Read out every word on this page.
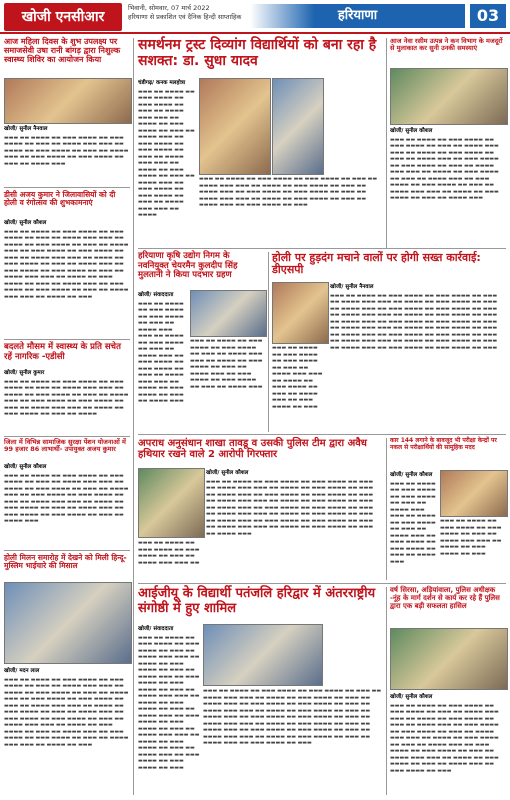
खोजी एनसीआर
भिवानी, सोमवार, 07 मार्च 2022
हरियाणा से प्रकाशित एवं दैनिक हिन्दी साप्ताहिक	हरियाणा	03
आज महिला दिवस के शुभ उपलक्ष्य पर समाजसेवी उषा रानी बांगड़ द्वारा निशुल्क स्वास्थ्य शिविर का आयोजन किया
खोजी/ सुनील नैनवाल
▬▬▬ ▬▬ ▬▬▬▬ ▬▬ ▬▬▬ ▬▬▬▬ ▬▬ ▬▬▬ ▬▬▬▬ ▬▬ ▬▬▬ ▬▬ ▬▬▬▬ ▬▬▬ ▬▬▬ ▬▬ ▬▬▬▬ ▬▬ ▬▬▬ ▬▬▬▬ ▬▬ ▬▬▬ ▬▬ ▬▬▬▬ ▬▬▬ ▬▬ ▬▬▬ ▬▬▬▬ ▬▬ ▬▬▬ ▬▬▬▬ ▬▬ ▬▬▬ ▬▬ ▬▬▬▬ ▬▬▬
डीसी अजय कुमार ने जिलावासियों को दी होली व रंगोत्सव की शुभकामनाएं
खोजी/ सुनील कौशल
▬▬▬ ▬▬ ▬▬▬▬ ▬▬ ▬▬▬ ▬▬▬▬ ▬▬ ▬▬▬ ▬▬▬▬ ▬▬ ▬▬▬ ▬▬ ▬▬▬▬ ▬▬▬ ▬▬▬ ▬▬ ▬▬▬▬ ▬▬ ▬▬▬ ▬▬▬▬ ▬▬ ▬▬▬ ▬▬ ▬▬▬▬ ▬▬▬ ▬▬ ▬▬▬ ▬▬▬▬ ▬▬ ▬▬▬ ▬▬▬▬ ▬▬ ▬▬▬ ▬▬ ▬▬▬▬ ▬▬▬ ▬▬▬ ▬▬ ▬▬▬▬ ▬▬ ▬▬▬ ▬▬▬▬ ▬▬ ▬▬▬ ▬▬ ▬▬▬▬ ▬▬▬ ▬▬ ▬▬▬ ▬▬▬▬ ▬▬ ▬▬▬ ▬▬▬▬ ▬▬ ▬▬▬ ▬▬ ▬▬▬▬ ▬▬▬ ▬▬▬ ▬▬ ▬▬▬▬ ▬▬ ▬▬▬ ▬▬▬▬ ▬▬ ▬▬▬ ▬▬ ▬▬▬▬ ▬▬▬ ▬▬ ▬▬▬ ▬▬▬▬ ▬▬ ▬▬▬ ▬▬▬▬ ▬▬ ▬▬▬ ▬▬ ▬▬▬▬ ▬▬▬ ▬▬▬ ▬▬ ▬▬▬▬ ▬▬ ▬▬▬
बदलते मौसम में स्वास्थ्य के प्रति सचेत रहें नागरिक -एडीसी
खोजी/ सुनील कुमार
▬▬▬ ▬▬ ▬▬▬▬ ▬▬ ▬▬▬ ▬▬▬▬ ▬▬ ▬▬▬ ▬▬▬▬ ▬▬ ▬▬▬ ▬▬ ▬▬▬▬ ▬▬▬ ▬▬▬ ▬▬ ▬▬▬▬ ▬▬ ▬▬▬ ▬▬▬▬ ▬▬ ▬▬▬ ▬▬ ▬▬▬▬ ▬▬▬ ▬▬ ▬▬▬ ▬▬▬▬ ▬▬ ▬▬▬ ▬▬▬▬ ▬▬ ▬▬▬ ▬▬ ▬▬▬▬ ▬▬▬ ▬▬▬ ▬▬ ▬▬▬▬ ▬▬ ▬▬▬ ▬▬▬▬ ▬▬ ▬▬▬ ▬▬ ▬▬▬▬
जिला में विभिन्न सामाजिक सुरक्षा पेंशन योजनाओं में 99 हजार 86 लाभार्थी- उपायुक्त अजय कुमार
खोजी/ सुनील कौशल
▬▬▬ ▬▬ ▬▬▬▬ ▬▬ ▬▬▬ ▬▬▬▬ ▬▬ ▬▬▬ ▬▬▬▬ ▬▬ ▬▬▬ ▬▬ ▬▬▬▬ ▬▬▬ ▬▬▬ ▬▬ ▬▬▬▬ ▬▬ ▬▬▬ ▬▬▬▬ ▬▬ ▬▬▬ ▬▬ ▬▬▬▬ ▬▬▬ ▬▬ ▬▬▬ ▬▬▬▬ ▬▬ ▬▬▬ ▬▬▬▬ ▬▬ ▬▬▬ ▬▬ ▬▬▬▬ ▬▬▬ ▬▬▬ ▬▬ ▬▬▬▬ ▬▬ ▬▬▬ ▬▬▬▬ ▬▬ ▬▬▬ ▬▬ ▬▬▬▬ ▬▬▬ ▬▬ ▬▬▬ ▬▬▬▬ ▬▬ ▬▬▬ ▬▬▬▬ ▬▬ ▬▬▬ ▬▬ ▬▬▬▬ ▬▬▬
होली मिलन समारोह में देखने को मिली हिन्दू- मुस्लिम भाईचारे की मिसाल
खोजी/ मदन लाल
▬▬▬ ▬▬ ▬▬▬▬ ▬▬ ▬▬▬ ▬▬▬▬ ▬▬ ▬▬▬ ▬▬▬▬ ▬▬ ▬▬▬ ▬▬ ▬▬▬▬ ▬▬▬ ▬▬▬ ▬▬ ▬▬▬▬ ▬▬ ▬▬▬ ▬▬▬▬ ▬▬ ▬▬▬ ▬▬ ▬▬▬▬ ▬▬▬ ▬▬ ▬▬▬ ▬▬▬▬ ▬▬ ▬▬▬ ▬▬▬▬ ▬▬ ▬▬▬ ▬▬ ▬▬▬▬ ▬▬▬ ▬▬▬ ▬▬ ▬▬▬▬ ▬▬ ▬▬▬ ▬▬▬▬ ▬▬ ▬▬▬ ▬▬ ▬▬▬▬ ▬▬▬ ▬▬ ▬▬▬ ▬▬▬▬ ▬▬ ▬▬▬ ▬▬▬▬ ▬▬ ▬▬▬ ▬▬ ▬▬▬▬ ▬▬▬ ▬▬▬ ▬▬ ▬▬▬▬ ▬▬ ▬▬▬ ▬▬▬▬ ▬▬ ▬▬▬ ▬▬ ▬▬▬▬ ▬▬▬ ▬▬ ▬▬▬ ▬▬▬▬ ▬▬ ▬▬▬ ▬▬▬▬ ▬▬ ▬▬▬ ▬▬ ▬▬▬▬ ▬▬▬ ▬▬▬ ▬▬ ▬▬▬▬ ▬▬ ▬▬▬
समर्थनम ट्रस्ट दिव्यांग विद्यार्थियों को बना रहा है सशक्त: डा. सुधा यादव
चंडीगढ़/ कनक मलहोत्रा
▬▬▬ ▬▬ ▬▬▬▬ ▬▬ ▬▬▬ ▬▬▬▬ ▬▬ ▬▬▬ ▬▬▬▬ ▬▬ ▬▬▬ ▬▬ ▬▬▬▬ ▬▬▬ ▬▬▬ ▬▬ ▬▬▬▬ ▬▬ ▬▬▬ ▬▬▬▬ ▬▬ ▬▬▬ ▬▬ ▬▬▬▬ ▬▬▬ ▬▬ ▬▬▬ ▬▬▬▬ ▬▬ ▬▬▬ ▬▬▬▬ ▬▬ ▬▬▬ ▬▬ ▬▬▬▬ ▬▬▬ ▬▬▬ ▬▬ ▬▬▬▬ ▬▬ ▬▬▬ ▬▬▬▬ ▬▬ ▬▬▬ ▬▬ ▬▬▬▬ ▬▬▬ ▬▬ ▬▬▬ ▬▬▬▬ ▬▬ ▬▬▬ ▬▬▬▬ ▬▬ ▬▬▬ ▬▬ ▬▬▬▬ ▬▬▬ ▬▬▬ ▬▬ ▬▬▬▬
▬▬▬ ▬▬ ▬▬▬▬ ▬▬ ▬▬▬ ▬▬▬▬ ▬▬ ▬▬▬ ▬▬▬▬ ▬▬ ▬▬▬ ▬▬ ▬▬▬▬ ▬▬▬ ▬▬▬ ▬▬ ▬▬▬▬ ▬▬ ▬▬▬ ▬▬▬▬ ▬▬ ▬▬▬ ▬▬ ▬▬▬▬ ▬▬▬ ▬▬ ▬▬▬ ▬▬▬▬ ▬▬ ▬▬▬ ▬▬▬▬ ▬▬ ▬▬▬ ▬▬ ▬▬▬▬ ▬▬▬ ▬▬▬ ▬▬ ▬▬▬▬ ▬▬ ▬▬▬ ▬▬▬▬ ▬▬ ▬▬▬ ▬▬ ▬▬▬▬ ▬▬▬ ▬▬ ▬▬▬ ▬▬▬▬ ▬▬ ▬▬▬
आज नेवा रसीम उत्पन्न ने कन विभाग के मजदूरों से मुलाकात कर सुनी उनकी समस्याएं
खोजी/ सुनील कौशल
▬▬▬ ▬▬ ▬▬▬▬ ▬▬ ▬▬▬ ▬▬▬▬ ▬▬ ▬▬▬ ▬▬▬▬ ▬▬ ▬▬▬ ▬▬ ▬▬▬▬ ▬▬▬ ▬▬▬ ▬▬ ▬▬▬▬ ▬▬ ▬▬▬ ▬▬▬▬ ▬▬ ▬▬▬ ▬▬ ▬▬▬▬ ▬▬▬ ▬▬ ▬▬▬ ▬▬▬▬ ▬▬ ▬▬▬ ▬▬▬▬ ▬▬ ▬▬▬ ▬▬ ▬▬▬▬ ▬▬▬ ▬▬▬ ▬▬ ▬▬▬▬ ▬▬ ▬▬▬ ▬▬▬▬ ▬▬ ▬▬▬ ▬▬ ▬▬▬▬ ▬▬▬ ▬▬ ▬▬▬ ▬▬▬▬ ▬▬ ▬▬▬ ▬▬▬▬ ▬▬ ▬▬▬ ▬▬ ▬▬▬▬ ▬▬▬ ▬▬▬ ▬▬ ▬▬▬▬ ▬▬ ▬▬▬ ▬▬▬▬ ▬▬ ▬▬▬ ▬▬ ▬▬▬▬ ▬▬▬
हरियाणा कृषि उद्योग निगम के नवनियुक्त चेयरमैन कुलदीप सिंह मुलतानी ने किया पदभार ग्रहण
खोजी/ संवाददाता
▬▬▬ ▬▬ ▬▬▬▬ ▬▬ ▬▬▬ ▬▬▬▬ ▬▬ ▬▬▬ ▬▬▬▬ ▬▬ ▬▬▬ ▬▬ ▬▬▬▬ ▬▬▬ ▬▬▬ ▬▬ ▬▬▬▬ ▬▬ ▬▬▬ ▬▬▬▬ ▬▬ ▬▬▬ ▬▬ ▬▬▬▬ ▬▬▬ ▬▬ ▬▬▬ ▬▬▬▬ ▬▬ ▬▬▬ ▬▬▬▬ ▬▬ ▬▬▬ ▬▬ ▬▬▬▬ ▬▬▬ ▬▬▬ ▬▬ ▬▬▬▬ ▬▬ ▬▬▬ ▬▬▬▬ ▬▬ ▬▬▬ ▬▬ ▬▬▬▬ ▬▬▬
▬▬▬ ▬▬ ▬▬▬▬ ▬▬ ▬▬▬ ▬▬▬▬ ▬▬ ▬▬▬ ▬▬▬▬ ▬▬ ▬▬▬ ▬▬ ▬▬▬▬ ▬▬▬ ▬▬▬ ▬▬ ▬▬▬▬ ▬▬ ▬▬▬ ▬▬▬▬ ▬▬ ▬▬▬ ▬▬ ▬▬▬▬ ▬▬▬ ▬▬ ▬▬▬ ▬▬▬▬ ▬▬ ▬▬▬ ▬▬▬▬ ▬▬ ▬▬▬ ▬▬ ▬▬▬▬ ▬▬▬
होली पर हुड़दंग मचाने वालों पर होगी सख्त कार्रवाई: डीएसपी
खोजी/ सुनील नैनवाल
▬▬▬ ▬▬ ▬▬▬▬ ▬▬ ▬▬▬ ▬▬▬▬ ▬▬ ▬▬▬ ▬▬▬▬ ▬▬ ▬▬▬ ▬▬ ▬▬▬▬ ▬▬▬ ▬▬▬ ▬▬ ▬▬▬▬ ▬▬ ▬▬▬ ▬▬▬▬ ▬▬ ▬▬▬ ▬▬ ▬▬▬▬ ▬▬▬ ▬▬ ▬▬▬ ▬▬▬▬ ▬▬ ▬▬▬ ▬▬▬▬ ▬▬ ▬▬▬ ▬▬ ▬▬▬▬ ▬▬▬ ▬▬▬ ▬▬ ▬▬▬▬ ▬▬ ▬▬▬ ▬▬▬▬ ▬▬ ▬▬▬ ▬▬ ▬▬▬▬ ▬▬▬ ▬▬ ▬▬▬ ▬▬▬▬ ▬▬ ▬▬▬ ▬▬▬▬ ▬▬ ▬▬▬ ▬▬ ▬▬▬▬ ▬▬▬ ▬▬▬ ▬▬ ▬▬▬▬ ▬▬ ▬▬▬ ▬▬▬▬ ▬▬ ▬▬▬ ▬▬ ▬▬▬▬ ▬▬▬ ▬▬ ▬▬▬ ▬▬▬▬ ▬▬ ▬▬▬ ▬▬▬▬ ▬▬ ▬▬▬ ▬▬ ▬▬▬▬ ▬▬▬ ▬▬▬ ▬▬ ▬▬▬▬ ▬▬ ▬▬▬ ▬▬▬▬ ▬▬ ▬▬▬ ▬▬ ▬▬▬▬ ▬▬▬ ▬▬ ▬▬▬ ▬▬▬▬ ▬▬ ▬▬▬ ▬▬▬▬ ▬▬ ▬▬▬
▬▬▬ ▬▬ ▬▬▬▬ ▬▬ ▬▬▬ ▬▬▬▬ ▬▬ ▬▬▬ ▬▬▬▬ ▬▬ ▬▬▬ ▬▬ ▬▬▬▬ ▬▬▬ ▬▬▬ ▬▬ ▬▬▬▬ ▬▬ ▬▬▬ ▬▬▬▬ ▬▬ ▬▬▬ ▬▬ ▬▬▬▬ ▬▬▬ ▬▬ ▬▬▬ ▬▬▬▬ ▬▬ ▬▬▬
अपराध अनुसंधान शाखा तावडू व उसकी पुलिस टीम द्वारा अवैध हथियार रखने वाले 2 आरोपी गिरफ्तार
खोजी/ सुनील कौशल
▬▬▬ ▬▬ ▬▬▬▬ ▬▬ ▬▬▬ ▬▬▬▬ ▬▬ ▬▬▬ ▬▬▬▬ ▬▬ ▬▬▬ ▬▬ ▬▬▬▬ ▬▬▬ ▬▬▬ ▬▬ ▬▬▬▬ ▬▬ ▬▬▬ ▬▬▬▬ ▬▬ ▬▬▬ ▬▬ ▬▬▬▬ ▬▬▬ ▬▬ ▬▬▬ ▬▬▬▬ ▬▬ ▬▬▬ ▬▬▬▬ ▬▬ ▬▬▬ ▬▬ ▬▬▬▬ ▬▬▬ ▬▬▬ ▬▬ ▬▬▬▬ ▬▬ ▬▬▬ ▬▬▬▬ ▬▬ ▬▬▬ ▬▬ ▬▬▬▬ ▬▬▬ ▬▬ ▬▬▬ ▬▬▬▬ ▬▬ ▬▬▬ ▬▬▬▬ ▬▬ ▬▬▬ ▬▬ ▬▬▬▬ ▬▬▬ ▬▬▬ ▬▬ ▬▬▬▬ ▬▬ ▬▬▬ ▬▬▬▬ ▬▬ ▬▬▬ ▬▬ ▬▬▬▬ ▬▬▬ ▬▬ ▬▬▬ ▬▬▬▬ ▬▬ ▬▬▬ ▬▬▬▬ ▬▬ ▬▬▬ ▬▬ ▬▬▬▬ ▬▬▬ ▬▬▬ ▬▬ ▬▬▬▬ ▬▬ ▬▬▬ ▬▬▬▬ ▬▬ ▬▬▬ ▬▬ ▬▬▬▬ ▬▬▬
▬▬▬ ▬▬ ▬▬▬▬ ▬▬ ▬▬▬ ▬▬▬▬ ▬▬ ▬▬▬ ▬▬▬▬ ▬▬ ▬▬▬ ▬▬ ▬▬▬▬ ▬▬▬ ▬▬▬ ▬▬
कार 144 लगाने के बावजूद भी परीक्षा केन्द्रों पर नकल से परीक्षार्थियों की सामूहिक मदद
खोजी/ सुनील कौशल
▬▬▬ ▬▬ ▬▬▬▬ ▬▬ ▬▬▬ ▬▬▬▬ ▬▬ ▬▬▬ ▬▬▬▬ ▬▬ ▬▬▬ ▬▬ ▬▬▬▬ ▬▬▬ ▬▬▬ ▬▬ ▬▬▬▬ ▬▬ ▬▬▬ ▬▬▬▬ ▬▬ ▬▬▬ ▬▬ ▬▬▬▬ ▬▬▬ ▬▬ ▬▬▬ ▬▬▬▬ ▬▬ ▬▬▬ ▬▬▬▬ ▬▬ ▬▬▬ ▬▬ ▬▬▬▬ ▬▬▬
▬▬▬ ▬▬ ▬▬▬▬ ▬▬ ▬▬▬ ▬▬▬▬ ▬▬ ▬▬▬ ▬▬▬▬ ▬▬ ▬▬▬ ▬▬ ▬▬▬▬ ▬▬▬ ▬▬▬ ▬▬ ▬▬▬▬ ▬▬ ▬▬▬ ▬▬▬▬ ▬▬ ▬▬▬
आईजीयू के विद्यार्थी पतंजलि हरिद्वार में अंतरराष्ट्रीय संगोष्ठी में हुए शामिल
खोजी/ संवाददाता
▬▬▬ ▬▬ ▬▬▬▬ ▬▬ ▬▬▬ ▬▬▬▬ ▬▬ ▬▬▬ ▬▬▬▬ ▬▬ ▬▬▬ ▬▬ ▬▬▬▬ ▬▬▬ ▬▬▬ ▬▬ ▬▬▬▬ ▬▬ ▬▬▬ ▬▬▬▬ ▬▬ ▬▬▬ ▬▬ ▬▬▬▬ ▬▬▬ ▬▬ ▬▬▬ ▬▬▬▬ ▬▬ ▬▬▬ ▬▬▬▬ ▬▬ ▬▬▬ ▬▬ ▬▬▬▬ ▬▬▬ ▬▬▬ ▬▬ ▬▬▬▬ ▬▬ ▬▬▬ ▬▬▬▬ ▬▬ ▬▬▬ ▬▬ ▬▬▬▬ ▬▬▬ ▬▬ ▬▬▬ ▬▬▬▬ ▬▬ ▬▬▬ ▬▬▬▬ ▬▬ ▬▬▬ ▬▬ ▬▬▬▬ ▬▬▬ ▬▬▬ ▬▬ ▬▬▬▬ ▬▬ ▬▬▬ ▬▬▬▬ ▬▬ ▬▬▬ ▬▬ ▬▬▬▬ ▬▬▬ ▬▬ ▬▬▬ ▬▬▬▬ ▬▬ ▬▬▬ ▬▬▬▬ ▬▬ ▬▬▬
▬▬▬ ▬▬ ▬▬▬▬ ▬▬ ▬▬▬ ▬▬▬▬ ▬▬ ▬▬▬ ▬▬▬▬ ▬▬ ▬▬▬ ▬▬ ▬▬▬▬ ▬▬▬ ▬▬▬ ▬▬ ▬▬▬▬ ▬▬ ▬▬▬ ▬▬▬▬ ▬▬ ▬▬▬ ▬▬ ▬▬▬▬ ▬▬▬ ▬▬ ▬▬▬ ▬▬▬▬ ▬▬ ▬▬▬ ▬▬▬▬ ▬▬ ▬▬▬ ▬▬ ▬▬▬▬ ▬▬▬ ▬▬▬ ▬▬ ▬▬▬▬ ▬▬ ▬▬▬ ▬▬▬▬ ▬▬ ▬▬▬ ▬▬ ▬▬▬▬ ▬▬▬ ▬▬ ▬▬▬ ▬▬▬▬ ▬▬ ▬▬▬ ▬▬▬▬ ▬▬ ▬▬▬ ▬▬ ▬▬▬▬ ▬▬▬ ▬▬▬ ▬▬ ▬▬▬▬ ▬▬ ▬▬▬ ▬▬▬▬ ▬▬ ▬▬▬ ▬▬ ▬▬▬▬ ▬▬▬ ▬▬ ▬▬▬ ▬▬▬▬ ▬▬ ▬▬▬ ▬▬▬▬ ▬▬ ▬▬▬ ▬▬ ▬▬▬▬ ▬▬▬ ▬▬▬ ▬▬ ▬▬▬▬ ▬▬ ▬▬▬ ▬▬▬▬ ▬▬ ▬▬▬ ▬▬ ▬▬▬▬ ▬▬▬ ▬▬ ▬▬▬ ▬▬▬▬ ▬▬ ▬▬▬
वर्ष सिरसा, अड़ियांवाला, पुलिस अधीक्षक -नूंह के मार्ग दर्शन से कार्य कर रहे हैं पुलिस द्वारा एक बड़ी सफलता हासिल
खोजी/ सुनील कौशल
▬▬▬ ▬▬ ▬▬▬▬ ▬▬ ▬▬▬ ▬▬▬▬ ▬▬ ▬▬▬ ▬▬▬▬ ▬▬ ▬▬▬ ▬▬ ▬▬▬▬ ▬▬▬ ▬▬▬ ▬▬ ▬▬▬▬ ▬▬ ▬▬▬ ▬▬▬▬ ▬▬ ▬▬▬ ▬▬ ▬▬▬▬ ▬▬▬ ▬▬ ▬▬▬ ▬▬▬▬ ▬▬ ▬▬▬ ▬▬▬▬ ▬▬ ▬▬▬ ▬▬ ▬▬▬▬ ▬▬▬ ▬▬▬ ▬▬ ▬▬▬▬ ▬▬ ▬▬▬ ▬▬▬▬ ▬▬ ▬▬▬ ▬▬ ▬▬▬▬ ▬▬▬ ▬▬ ▬▬▬ ▬▬▬▬ ▬▬ ▬▬▬ ▬▬▬▬ ▬▬ ▬▬▬ ▬▬ ▬▬▬▬ ▬▬▬ ▬▬▬ ▬▬ ▬▬▬▬ ▬▬ ▬▬▬ ▬▬▬▬ ▬▬ ▬▬▬ ▬▬ ▬▬▬▬ ▬▬▬ ▬▬ ▬▬▬ ▬▬▬▬ ▬▬ ▬▬▬
